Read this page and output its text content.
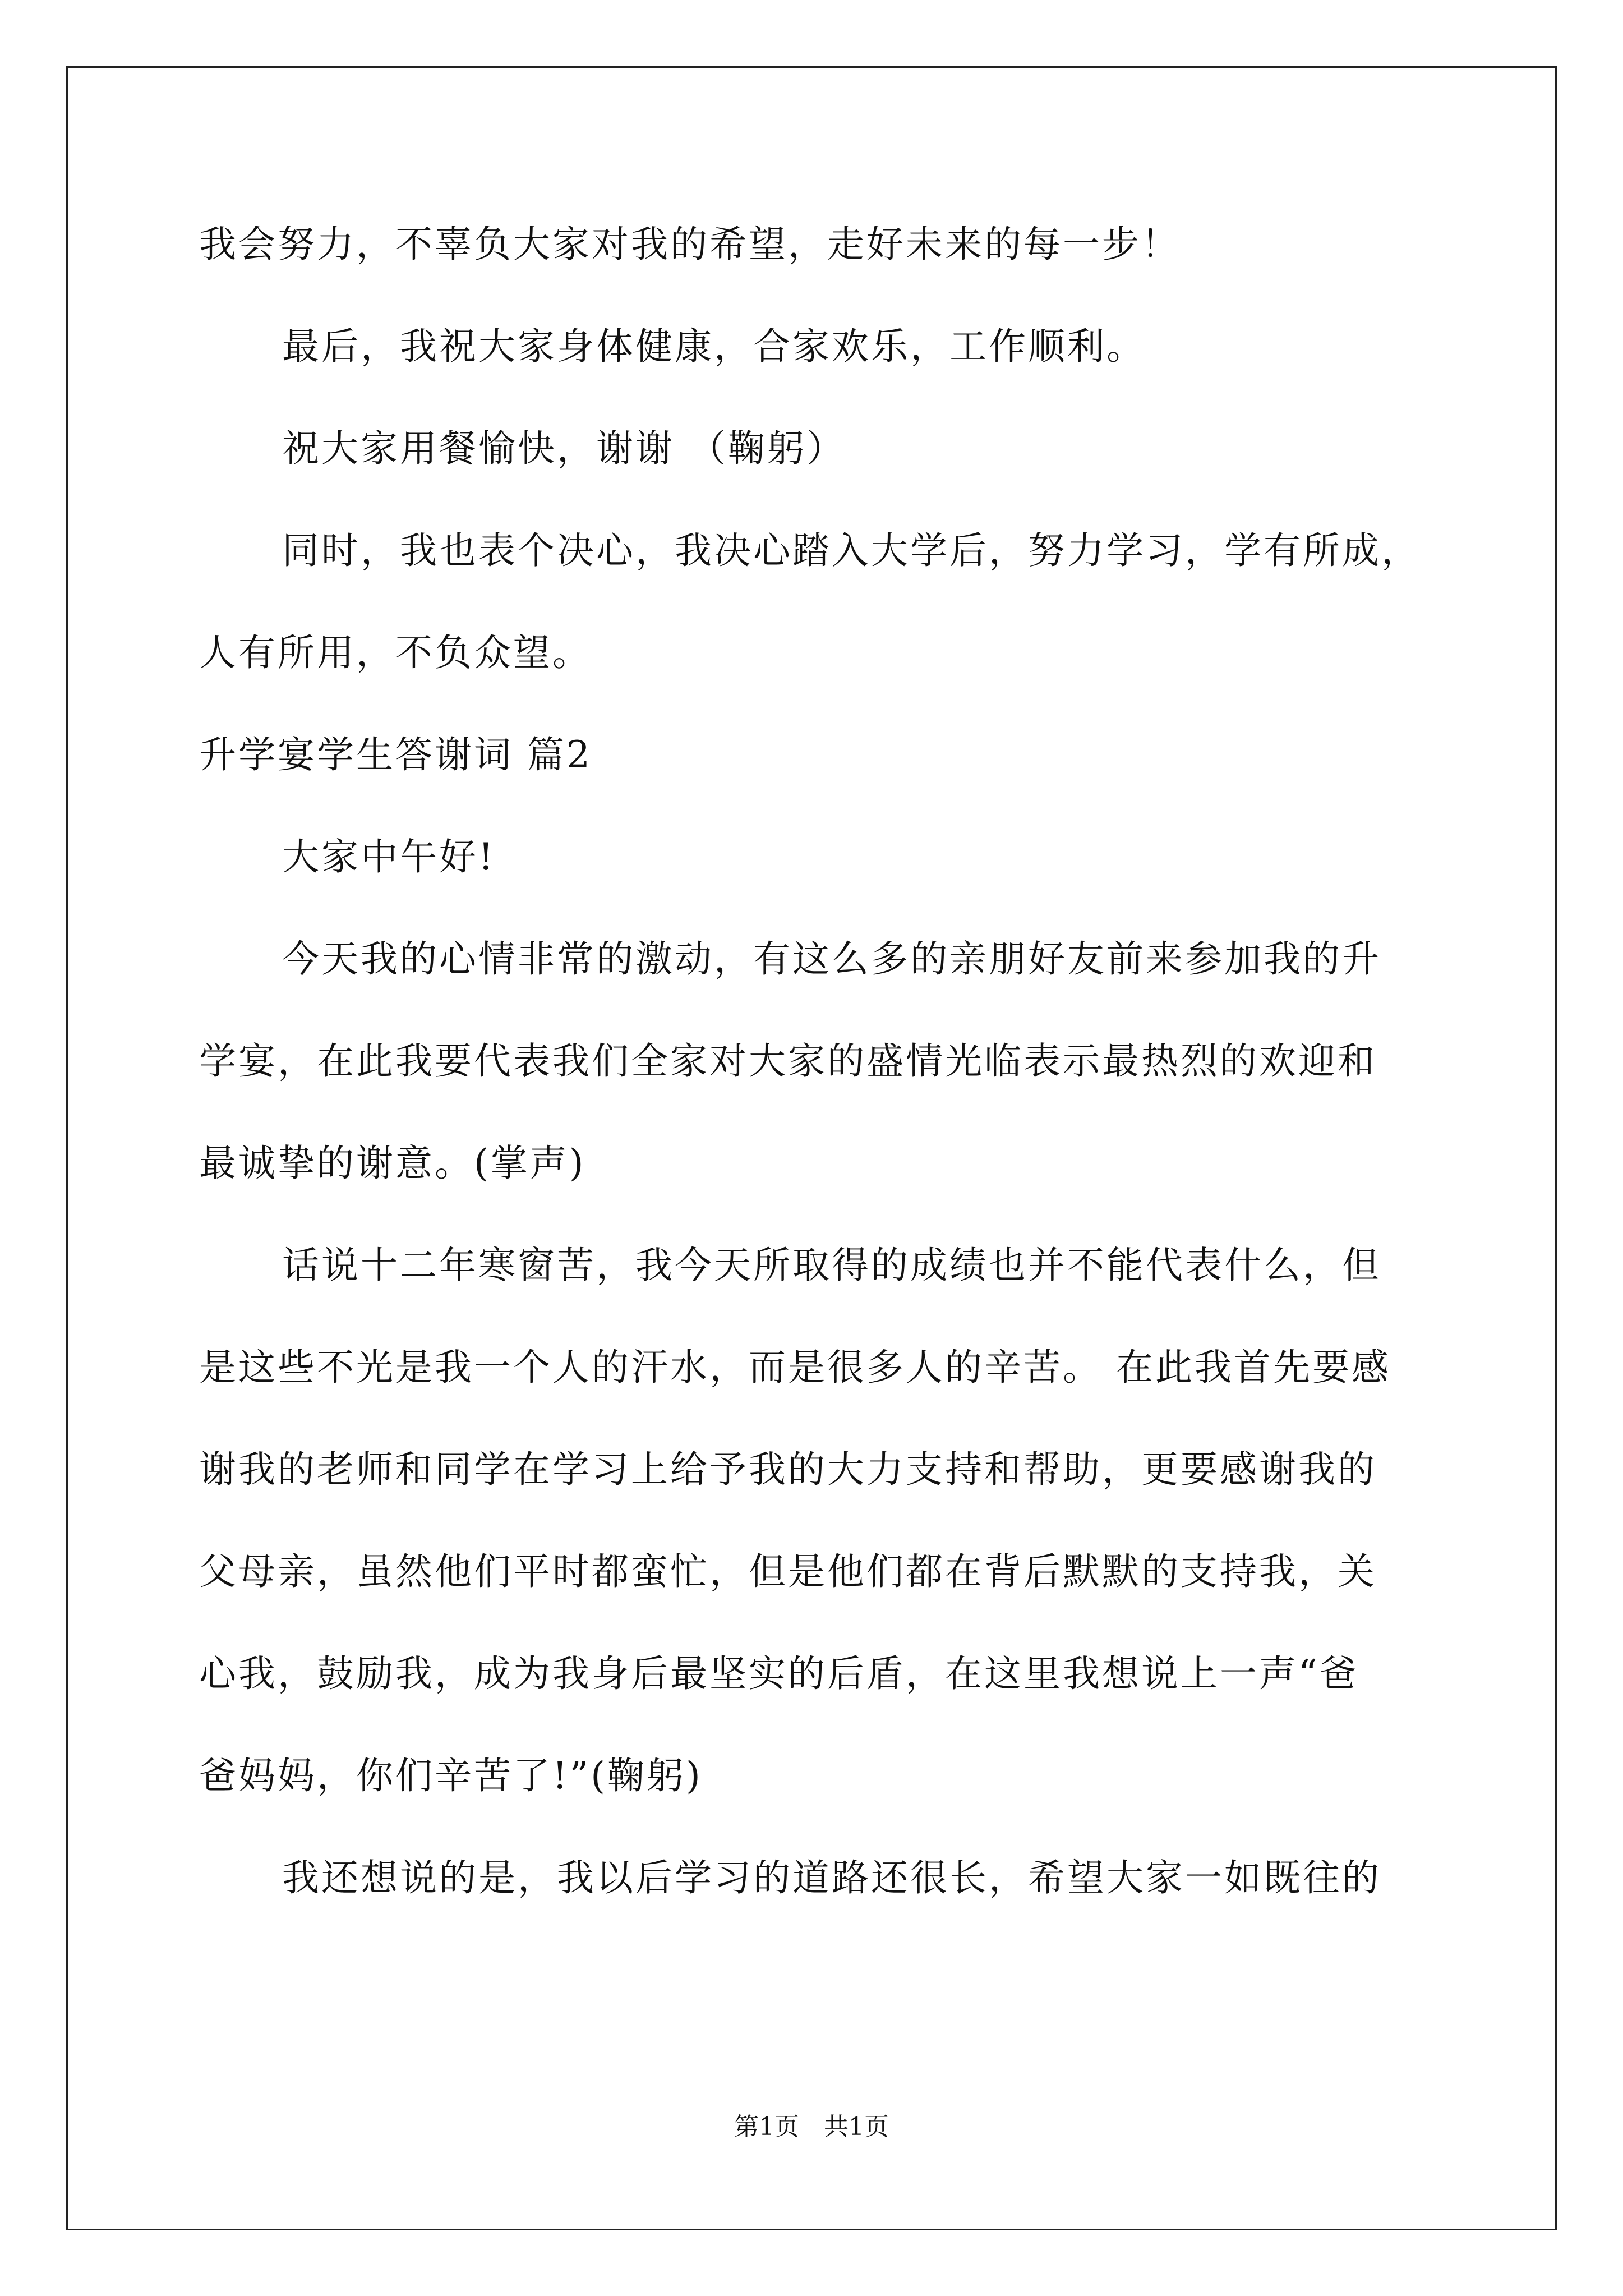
我会努力，不辜负大家对我的希望，走好未来的每一步！
最后，我祝大家身体健康，合家欢乐，工作顺利。
祝大家用餐愉快，谢谢 （鞠躬）
同时，我也表个决心，我决心踏入大学后，努力学习，学有所成，
人有所用，不负众望。
升学宴学生答谢词 篇2
大家中午好!
今天我的心情非常的激动，有这么多的亲朋好友前来参加我的升
学宴，在此我要代表我们全家对大家的盛情光临表示最热烈的欢迎和
最诚挚的谢意。(掌声)
话说十二年寒窗苦，我今天所取得的成绩也并不能代表什么，但
是这些不光是我一个人的汗水，而是很多人的辛苦。 在此我首先要感
谢我的老师和同学在学习上给予我的大力支持和帮助，更要感谢我的
父母亲，虽然他们平时都蛮忙，但是他们都在背后默默的支持我，关
心我，鼓励我，成为我身后最坚实的后盾，在这里我想说上一声“爸
爸妈妈，你们辛苦了!”(鞠躬)
我还想说的是，我以后学习的道路还很长，希望大家一如既往的
第1页　共1页
